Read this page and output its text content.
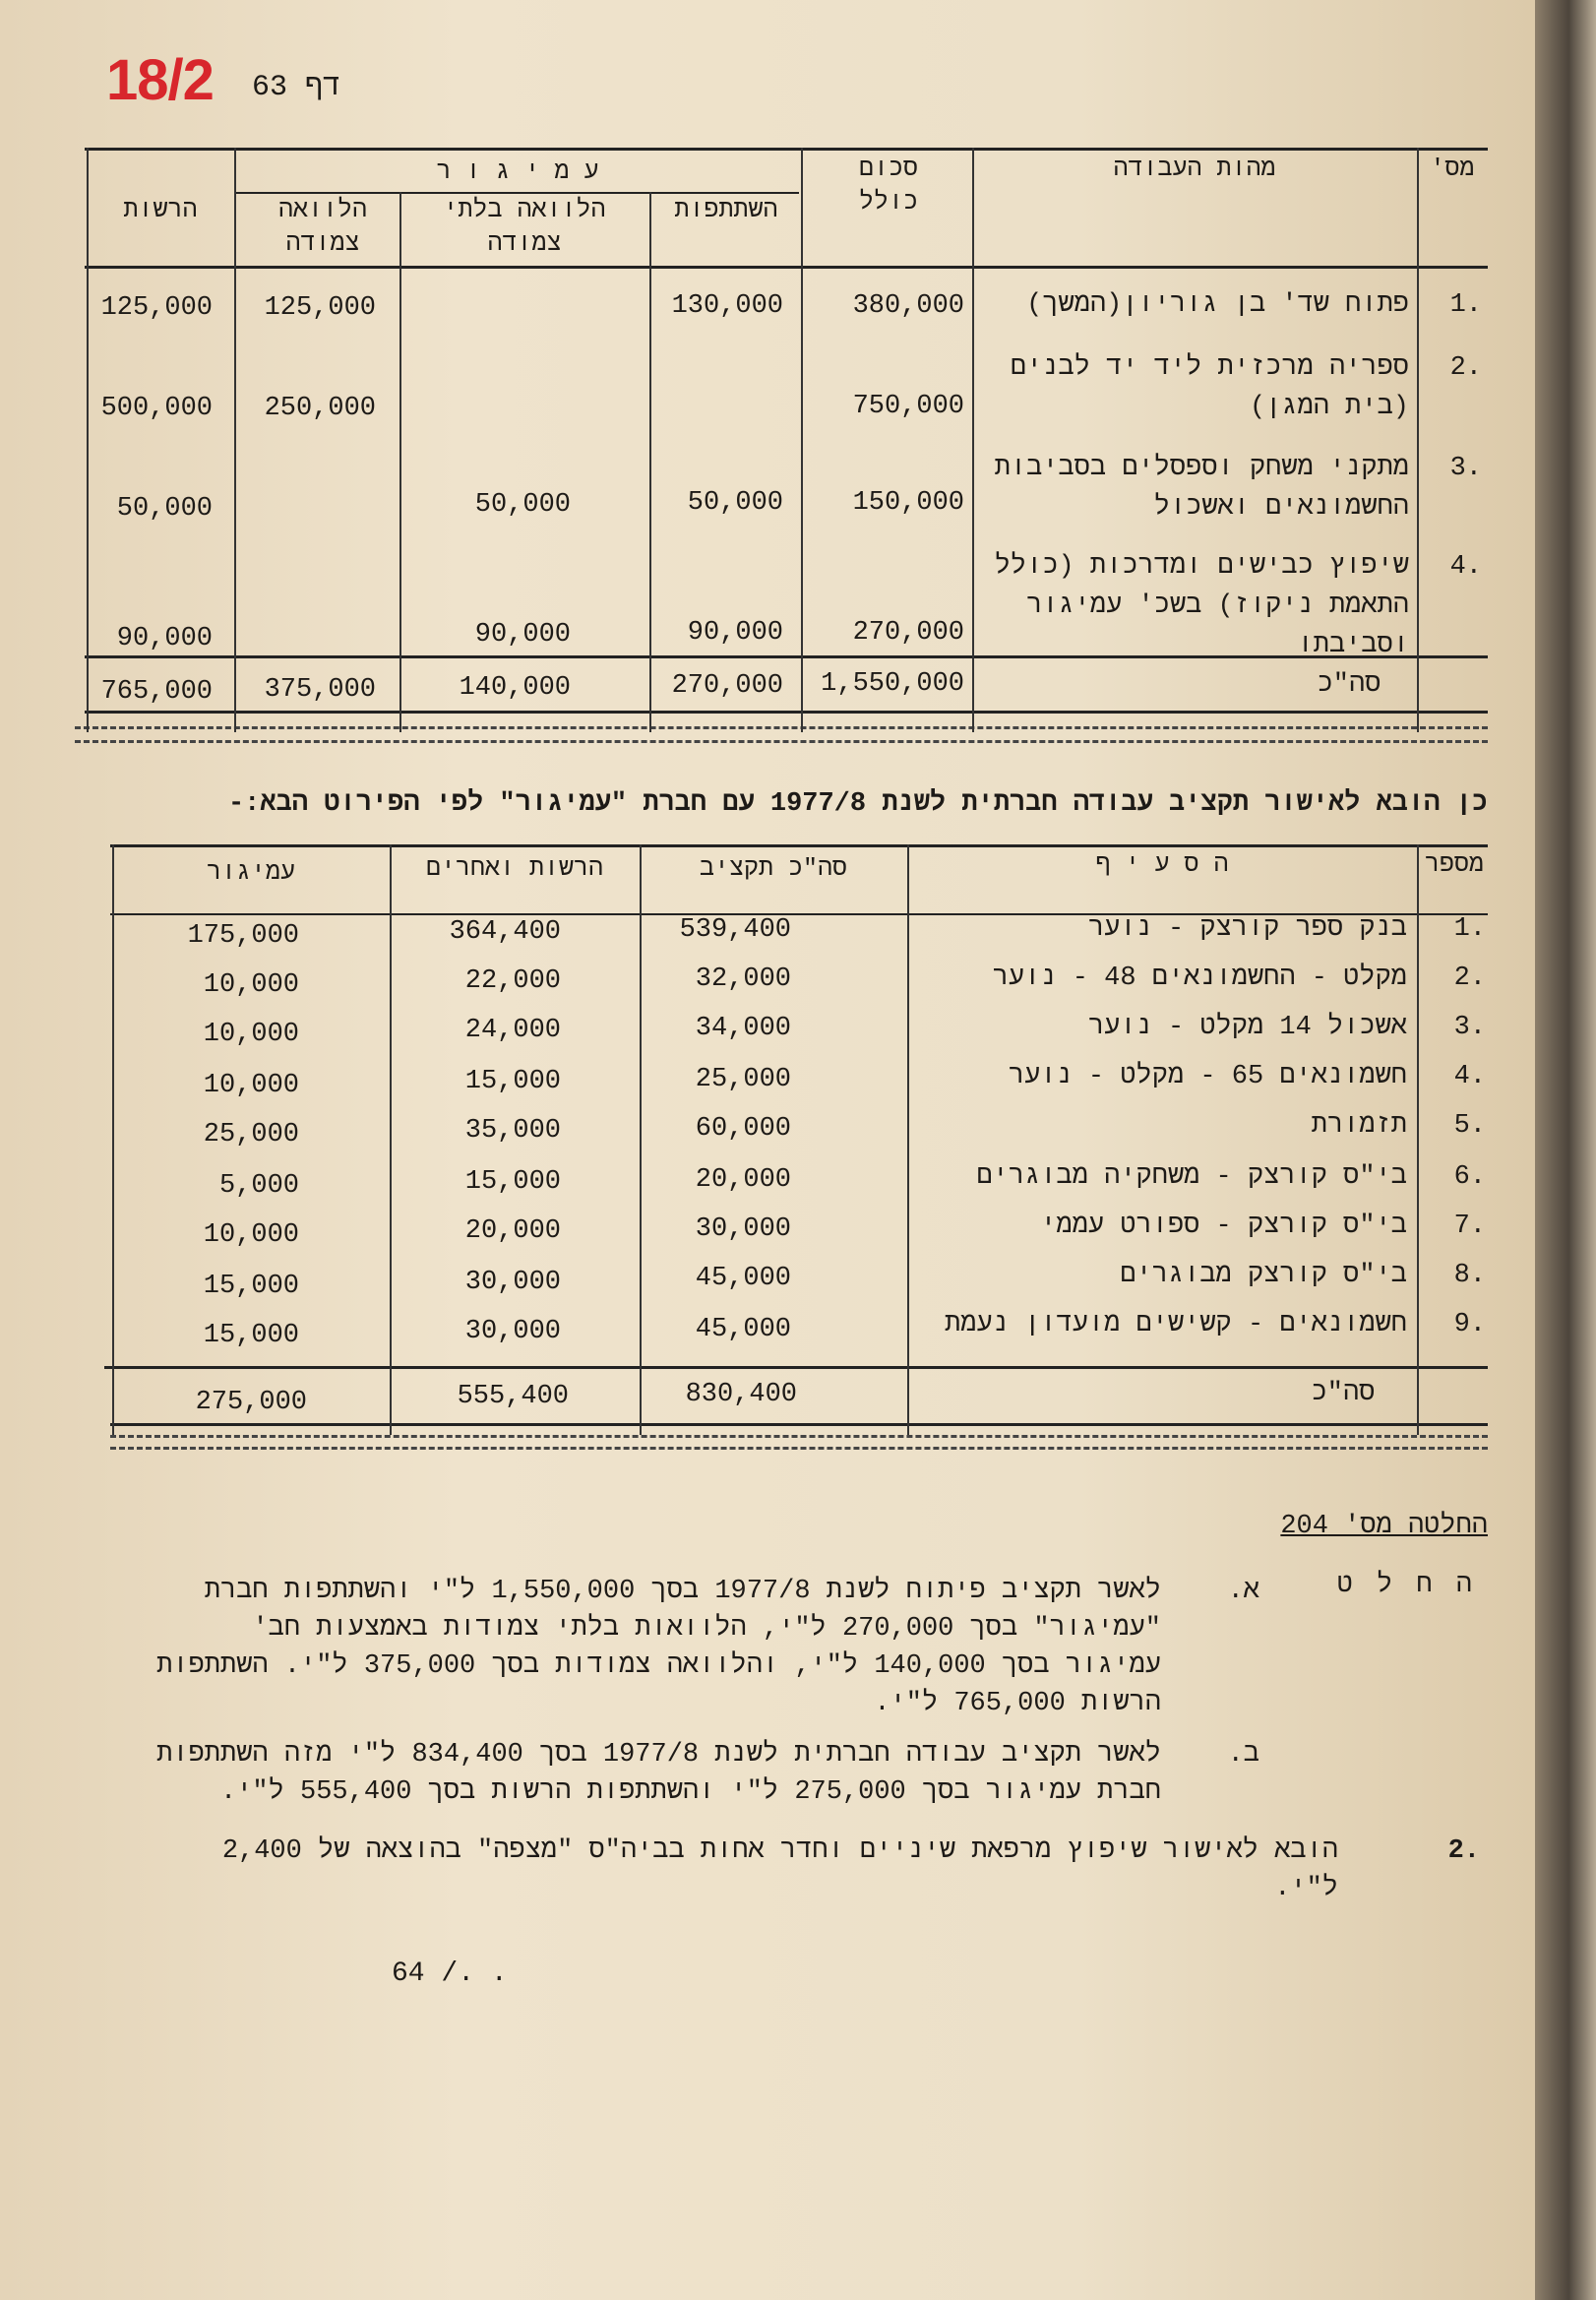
18/2 דף 63
מס'
מהות העבודה
סכום כולל
ע מ י ג ו ר
השתתפות
הלוואה בלתי צמודה
הלוואה צמודה
הרשות
.1
פתוח שד' בן גוריון(המשך)
380,000
130,000
125,000
125,000
.2
ספריה מרכזית ליד יד לבנים (בית המגן)
750,000
250,000
500,000
.3
מתקני משחק וספסלים בסביבות החשמונאים ואשכול
150,000
50,000
50,000
50,000
.4
שיפוץ כבישים ומדרכות (כולל התאמת ניקוז) בשכ' עמיגור וסביבתו
270,000
90,000
90,000
90,000
סה"כ
1,550,000
270,000
140,000
375,000
765,000
כן הובא לאישור תקציב עבודה חברתית לשנת 1977/8 עם חברת "עמיגור" לפי הפירוט הבא:-
מספר
ה ס ע י ף
סה"כ תקציב
הרשות ואחרים
עמיגור
.1
בנק ספר קורצק - נוער
539,400
364,400
175,000
.2
מקלט - החשמונאים 48 - נוער
32,000
22,000
10,000
.3
אשכול 14 מקלט - נוער
34,000
24,000
10,000
.4
חשמונאים 65 - מקלט - נוער
25,000
15,000
10,000
.5
תזמורת
60,000
35,000
25,000
.6
בי"ס קורצק - משחקיה מבוגרים
20,000
15,000
5,000
.7
בי"ס קורצק - ספורט עממי
30,000
20,000
10,000
.8
בי"ס קורצק מבוגרים
45,000
30,000
15,000
.9
חשמונאים - קשישים מועדון נעמת
45,000
30,000
15,000
סה"כ
830,400
555,400
275,000
החלטה מס' 204
ה ח ל ט
א.
לאשר תקציב פיתוח לשנת 1977/8 בסך 1,550,000 ל"י והשתתפות חברת "עמיגור" בסך 270,000 ל"י, הלוואות בלתי צמודות באמצעות חב' עמיגור בסך 140,000 ל"י, והלוואה צמודות בסך 375,000 ל"י. השתתפות הרשות 765,000 ל"י.
ב.
לאשר תקציב עבודה חברתית לשנת 1977/8 בסך 834,400 ל"י מזה השתתפות חברת עמיגור בסך 275,000 ל"י והשתתפות הרשות בסך 555,400 ל"י.
.2
הובא לאישור שיפוץ מרפאת שיניים וחדר אחות בביה"ס "מצפה" בהוצאה של 2,400 ל"י.
64 /. .
